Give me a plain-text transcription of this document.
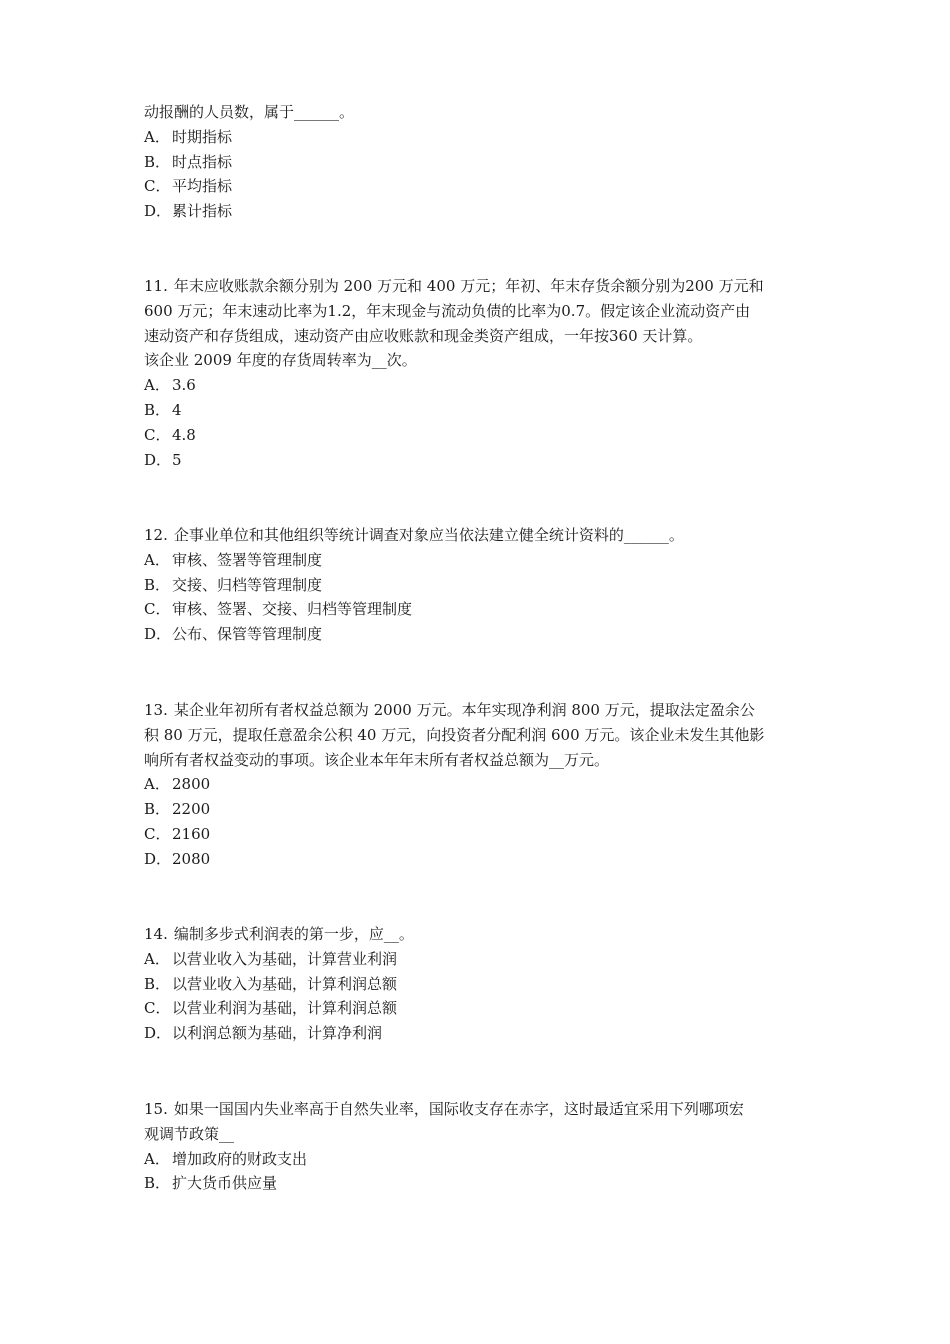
动报酬的人员数，属于______。
A． 时期指标
B． 时点指标
C． 平均指标
D．累计指标
11. 年末应收账款余额分别为 200 万元和 400 万元；年初、年末存货余额分别为200 万元和
600 万元；年末速动比率为1.2，年末现金与流动负债的比率为0.7。假定该企业流动资产由
速动资产和存货组成，速动资产由应收账款和现金类资产组成，一年按360 天计算。
该企业 2009 年度的存货周转率为__次。
A． 3.6
B． 4
C． 4.8
D．5
12. 企事业单位和其他组织等统计调查对象应当依法建立健全统计资料的______。
A． 审核、签署等管理制度
B． 交接、归档等管理制度
C． 审核、签署、交接、归档等管理制度
D．公布、保管等管理制度
13. 某企业年初所有者权益总额为 2000 万元。本年实现净利润 800 万元，提取法定盈余公
积 80 万元，提取任意盈余公积 40 万元，向投资者分配利润 600 万元。该企业未发生其他影
响所有者权益变动的事项。该企业本年年末所有者权益总额为__万元。
A． 2800
B． 2200
C． 2160
D．2080
14. 编制多步式利润表的第一步，应__。
A． 以营业收入为基础，计算营业利润
B． 以营业收入为基础，计算利润总额
C． 以营业利润为基础，计算利润总额
D．以利润总额为基础，计算净利润
15. 如果一国国内失业率高于自然失业率，国际收支存在赤字，这时最适宜采用下列哪项宏
观调节政策__
A． 增加政府的财政支出
B． 扩大货币供应量
